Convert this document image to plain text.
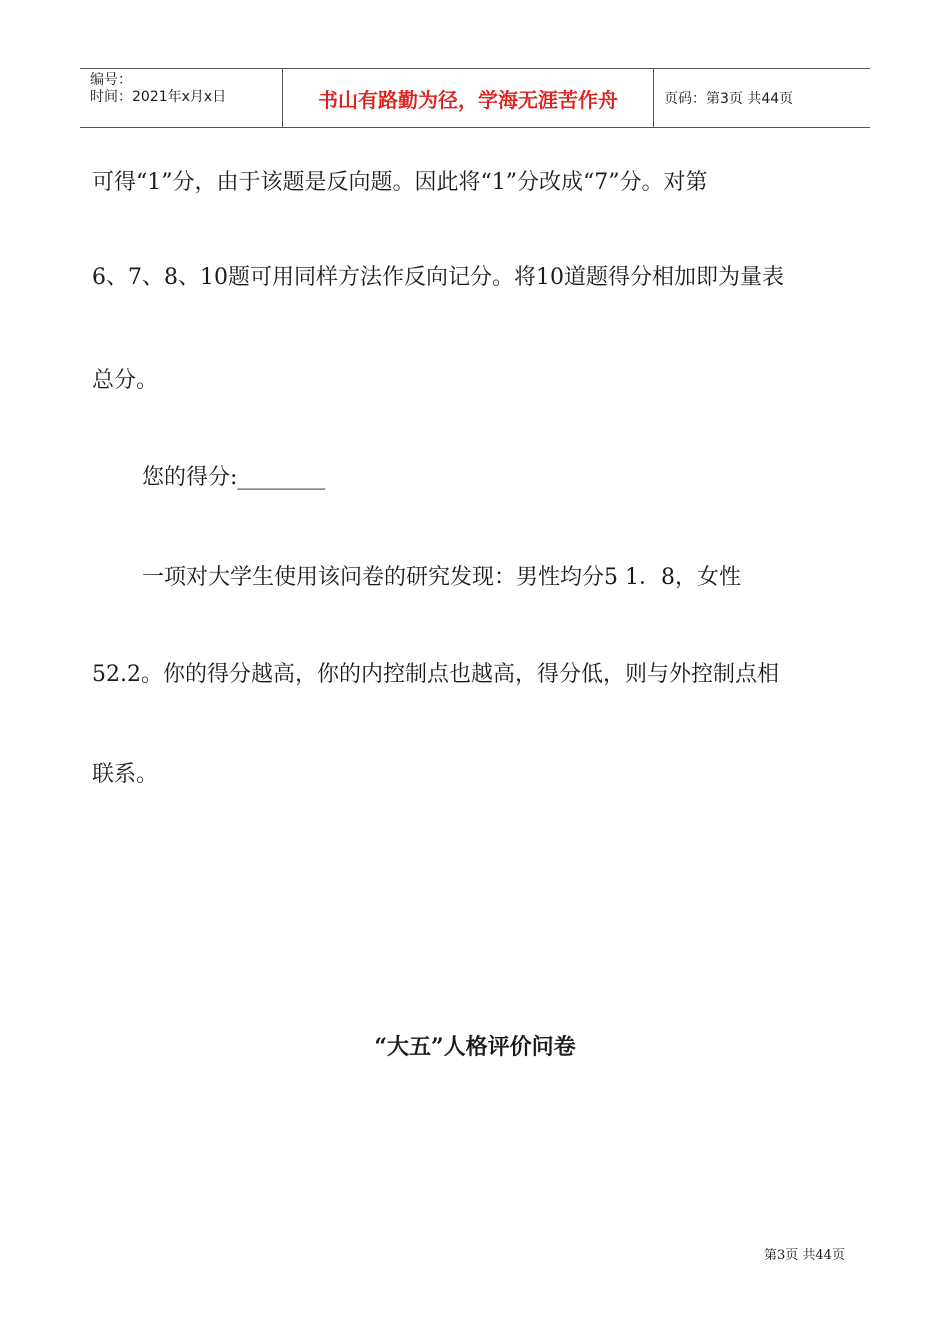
编号：
时间：2021年x月x日	书山有路勤为径，学海无涯苦作舟	页码：第3页 共44页
可得“1”分，由于该题是反向题。因此将“1”分改成“7”分。对第
6、7、8、10题可用同样方法作反向记分。将10道题得分相加即为量表
总分。
您的得分:________
一项对大学生使用该问卷的研究发现：男性均分5 1．8，女性
52.2。你的得分越高，你的内控制点也越高，得分低，则与外控制点相
联系。
“大五”人格评价问卷
第3页 共44页
